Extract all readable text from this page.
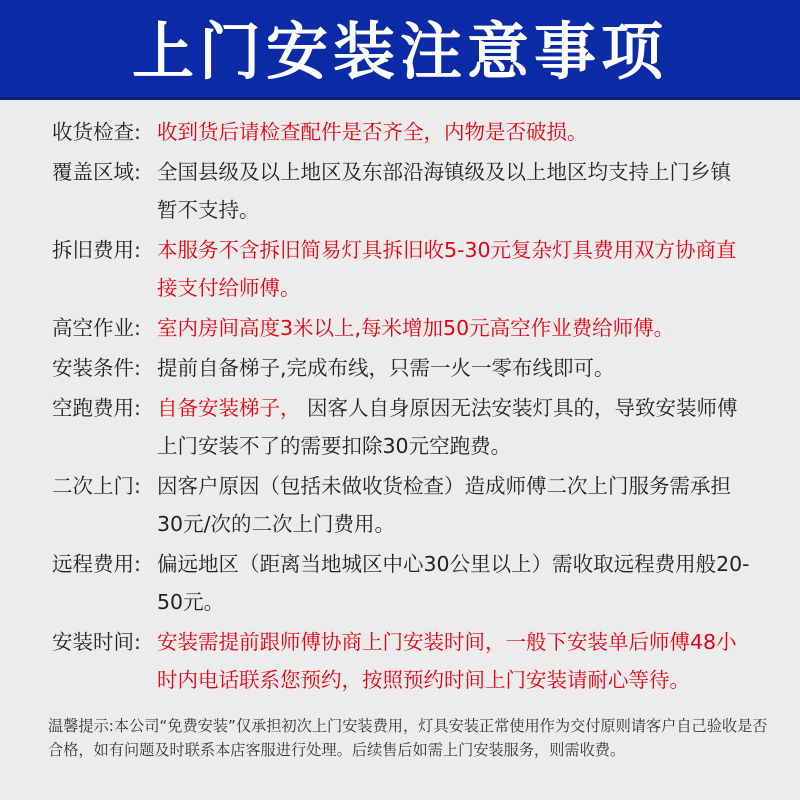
上门安装注意事项
收货检查: 收到货后请检查配件是否齐全，内物是否破损。
覆盖区域: 全国县级及以上地区及东部沿海镇级及以上地区均支持上门乡镇暂不支持。
拆旧费用: 本服务不含拆旧简易灯具拆旧收5-30元复杂灯具费用双方协商直接支付给师傅。
高空作业: 室内房间高度3米以上,每米增加50元高空作业费给师傅。
安装条件: 提前自备梯子,完成布线，只需一火一零布线即可。
空跑费用: 自备安装梯子， 因客人自身原因无法安装灯具的，导致安装师傅上门安装不了的需要扣除30元空跑费。
二次上门: 因客户原因（包括未做收货检查）造成师傅二次上门服务需承担30元/次的二次上门费用。
远程费用: 偏远地区（距离当地城区中心30公里以上）需收取远程费用般20-50元。
安装时间: 安装需提前跟师傅协商上门安装时间，一般下安装单后师傅48小时内电话联系您预约，按照预约时间上门安装请耐心等待。
温馨提示:本公司“免费安装”仅承担初次上门安装费用，灯具安装正常使用作为交付原则请客户自己验收是否合格，如有问题及时联系本店客服进行处理。后续售后如需上门安装服务，则需收费。
